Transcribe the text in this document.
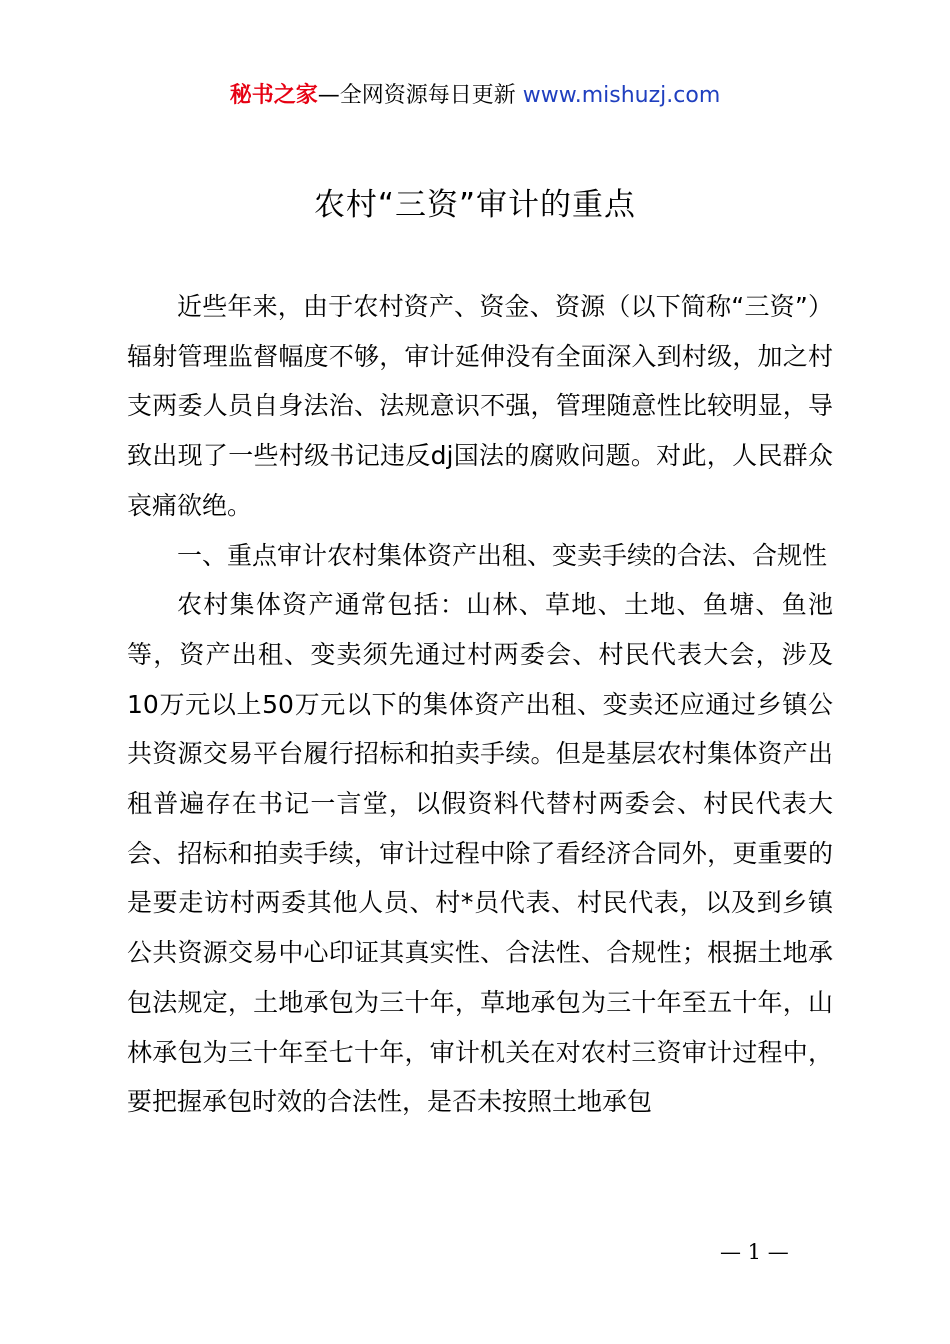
秘书之家—全网资源每日更新 www.mishuzj.com
农村“三资”审计的重点

近些年来，由于农村资产、资金、资源（以下简称“三资”）辐射管理监督幅度不够，审计延伸没有全面深入到村级，加之村支两委人员自身法治、法规意识不强，管理随意性比较明显，导致出现了一些村级书记违反dj国法的腐败问题。对此，人民群众哀痛欲绝。

一、重点审计农村集体资产出租、变卖手续的合法、合规性

农村集体资产通常包括：山林、草地、土地、鱼塘、鱼池等，资产出租、变卖须先通过村两委会、村民代表大会，涉及10万元以上50万元以下的集体资产出租、变卖还应通过乡镇公共资源交易平台履行招标和拍卖手续。但是基层农村集体资产出租普遍存在书记一言堂，以假资料代替村两委会、村民代表大会、招标和拍卖手续，审计过程中除了看经济合同外，更重要的是要走访村两委其他人员、村*员代表、村民代表，以及到乡镇公共资源交易中心印证其真实性、合法性、合规性；根据土地承包法规定，土地承包为三十年，草地承包为三十年至五十年，山林承包为三十年至七十年，审计机关在对农村三资审计过程中，要把握承包时效的合法性，是否未按照土地承包

— 1 —
